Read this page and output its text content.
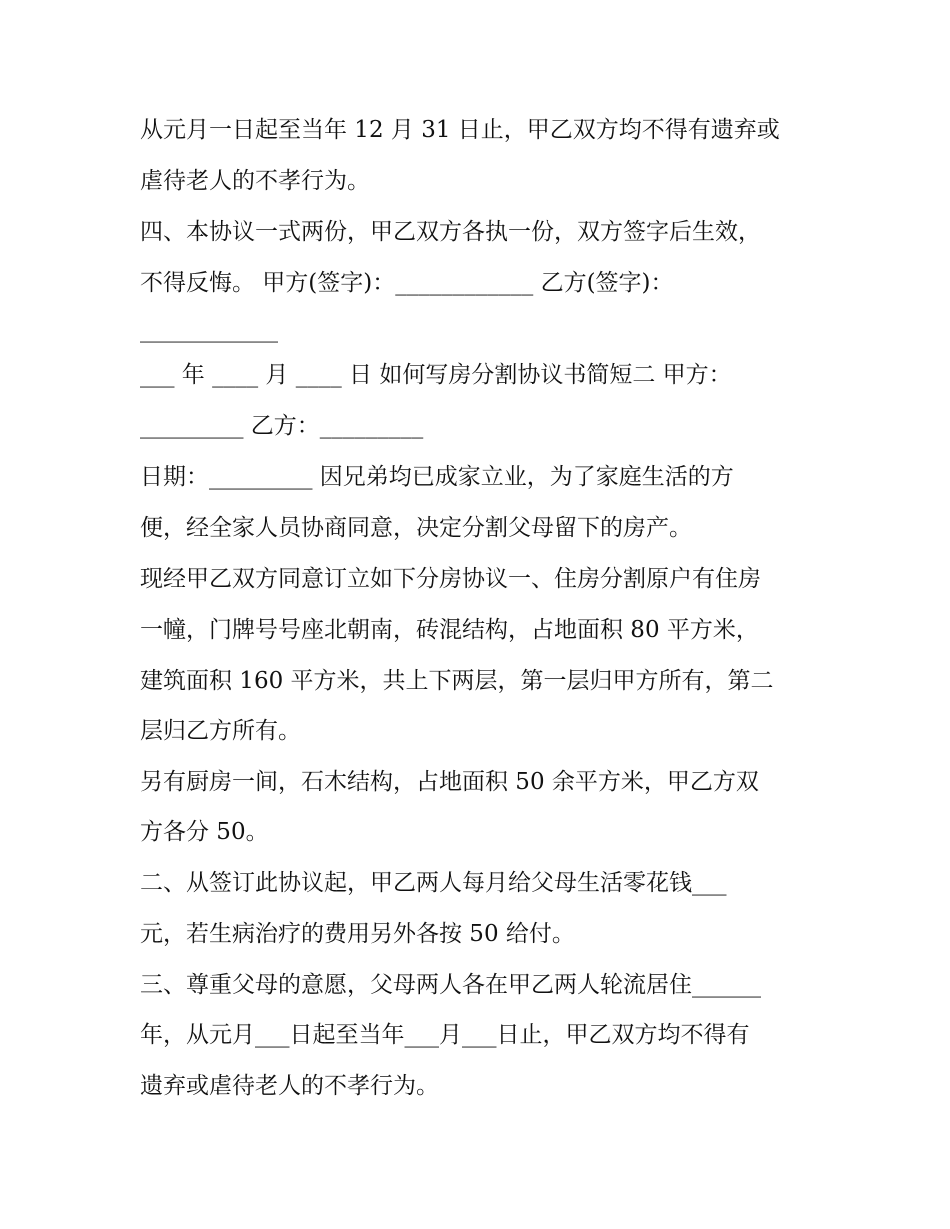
从元月一日起至当年 12 月 31 日止，甲乙双方均不得有遗弃或
虐待老人的不孝行为。
四、本协议一式两份，甲乙双方各执一份，双方签字后生效，
不得反悔。 甲方(签字)：____________ 乙方(签字)：
____________
___ 年 ____ 月 ____ 日 如何写房分割协议书简短二 甲方：
_________ 乙方：_________
日期：_________ 因兄弟均已成家立业，为了家庭生活的方
便，经全家人员协商同意，决定分割父母留下的房产。
现经甲乙双方同意订立如下分房协议一、住房分割原户有住房
一幢，门牌号号座北朝南，砖混结构，占地面积 80 平方米，
建筑面积 160 平方米，共上下两层，第一层归甲方所有，第二
层归乙方所有。
另有厨房一间，石木结构，占地面积 50 余平方米，甲乙方双
方各分 50。
二、从签订此协议起，甲乙两人每月给父母生活零花钱___
元，若生病治疗的费用另外各按 50 给付。
三、尊重父母的意愿，父母两人各在甲乙两人轮流居住______
年，从元月___日起至当年___月___日止，甲乙双方均不得有
遗弃或虐待老人的不孝行为。
